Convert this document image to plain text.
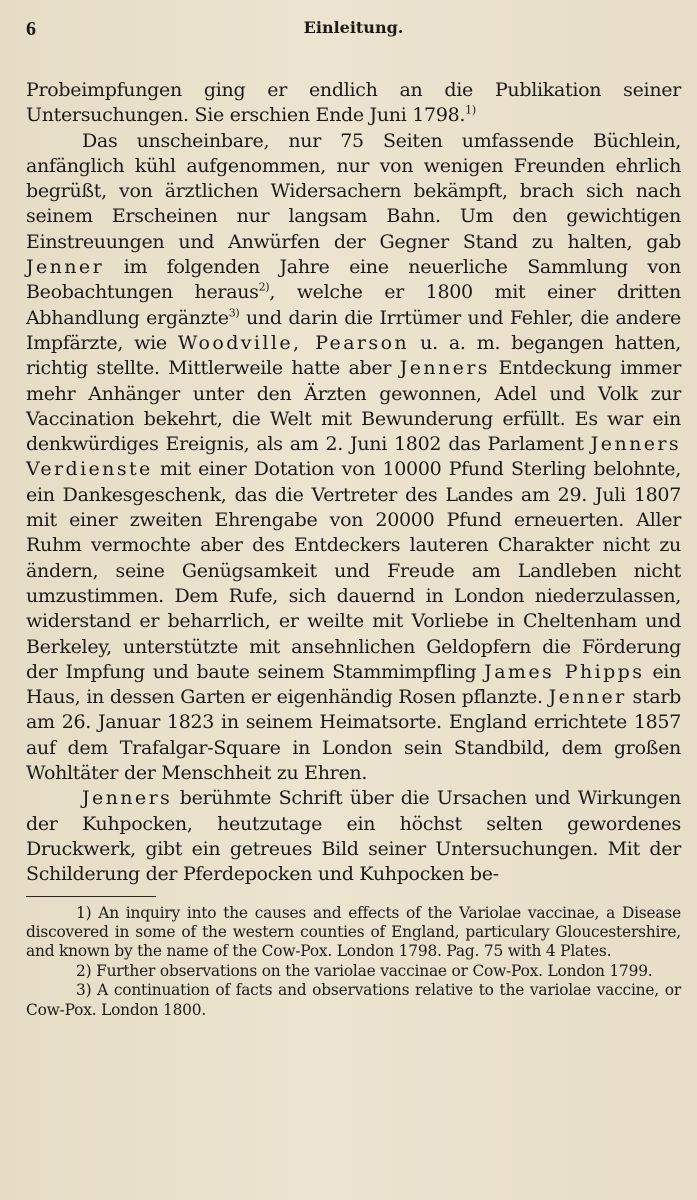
6	Einleitung.

Probeimpfungen ging er endlich an die Publikation seiner Untersuchungen. Sie erschien Ende Juni 1798.$^{1)}$

Das unscheinbare, nur 75 Seiten umfassende Büchlein, anfänglich kühl aufgenommen, nur von wenigen Freunden ehrlich begrüßt, von ärztlichen Widersachern bekämpft, brach sich nach seinem Erscheinen nur langsam Bahn. Um den gewichtigen Einstreuungen und Anwürfen der Gegner Stand zu halten, gab Jenner im folgenden Jahre eine neuerliche Sammlung von Beobachtungen heraus$^{2)}$, welche er 1800 mit einer dritten Abhandlung ergänzte$^{3)}$ und darin die Irrtümer und Fehler, die andere Impfärzte, wie Woodville, Pearson u. a. m. begangen hatten, richtig stellte. Mittlerweile hatte aber Jenners Entdeckung immer mehr Anhänger unter den Ärzten gewonnen, Adel und Volk zur Vaccination bekehrt, die Welt mit Bewunderung erfüllt. Es war ein denkwürdiges Ereignis, als am 2. Juni 1802 das Parlament Jenners Verdienste mit einer Dotation von 10000 Pfund Sterling belohnte, ein Dankesgeschenk, das die Vertreter des Landes am 29. Juli 1807 mit einer zweiten Ehrengabe von 20000 Pfund erneuerten. Aller Ruhm vermochte aber des Entdeckers lauteren Charakter nicht zu ändern, seine Genügsamkeit und Freude am Landleben nicht umzustimmen. Dem Rufe, sich dauernd in London niederzulassen, widerstand er beharrlich, er weilte mit Vorliebe in Cheltenham und Berkeley, unterstützte mit ansehnlichen Geldopfern die Förderung der Impfung und baute seinem Stammimpfling James Phipps ein Haus, in dessen Garten er eigenhändig Rosen pflanzte. Jenner starb am 26. Januar 1823 in seinem Heimatsorte. England errichtete 1857 auf dem Trafalgar-Square in London sein Standbild, dem großen Wohltäter der Menschheit zu Ehren.

Jenners berühmte Schrift über die Ursachen und Wirkungen der Kuhpocken, heutzutage ein höchst selten gewordenes Druckwerk, gibt ein getreues Bild seiner Untersuchungen. Mit der Schilderung der Pferdepocken und Kuhpocken be-

1) An inquiry into the causes and effects of the Variolae vaccinae, a Disease discovered in some of the western counties of England, particulary Gloucestershire, and known by the name of the Cow-Pox. London 1798. Pag. 75 with 4 Plates.

2) Further observations on the variolae vaccinae or Cow-Pox. London 1799.

3) A continuation of facts and observations relative to the variolae vaccine, or Cow-Pox. London 1800.
